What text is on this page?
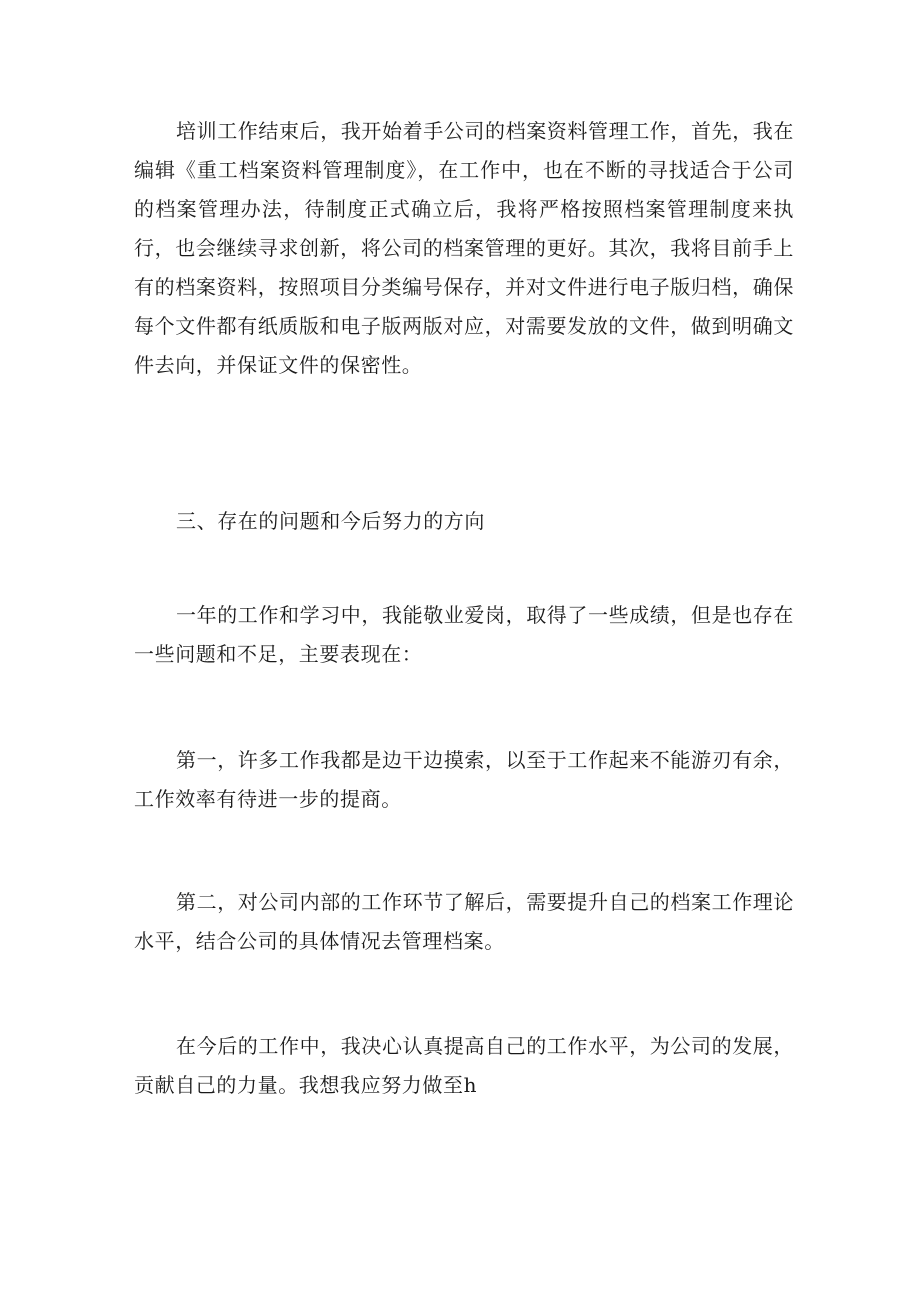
培训工作结束后，我开始着手公司的档案资料管理工作，首先，我在编辑《重工档案资料管理制度》，在工作中，也在不断的寻找适合于公司的档案管理办法，待制度正式确立后，我将严格按照档案管理制度来执行，也会继续寻求创新，将公司的档案管理的更好。其次，我将目前手上有的档案资料，按照项目分类编号保存，并对文件进行电子版归档，确保每个文件都有纸质版和电子版两版对应，对需要发放的文件，做到明确文件去向，并保证文件的保密性。

三、存在的问题和今后努力的方向

一年的工作和学习中，我能敬业爱岗，取得了一些成绩，但是也存在一些问题和不足，主要表现在：

第一，许多工作我都是边干边摸索，以至于工作起来不能游刃有余，工作效率有待进一步的提商。

第二，对公司内部的工作环节了解后，需要提升自己的档案工作理论水平，结合公司的具体情况去管理档案。

在今后的工作中，我决心认真提高自己的工作水平，为公司的发展，贡献自己的力量。我想我应努力做至h
